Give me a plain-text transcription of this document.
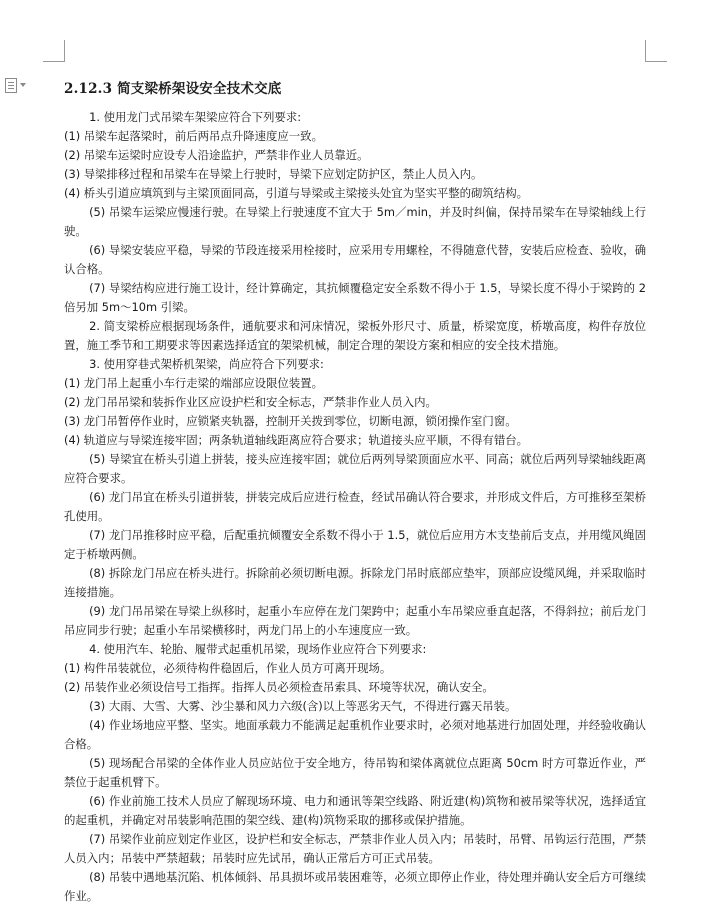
2.12.3 简支梁桥架设安全技术交底

1. 使用龙门式吊梁车架梁应符合下列要求:

(1) 吊梁车起落梁时，前后两吊点升降速度应一致。

(2) 吊梁车运梁时应设专人沿途监护，严禁非作业人员靠近。

(3) 导梁排移过程和吊梁车在导梁上行驶时，导梁下应划定防护区，禁止人员入内。

(4) 桥头引道应填筑到与主梁顶面同高，引道与导梁或主梁接头处宜为坚实平整的砌筑结构。

(5) 吊梁车运梁应慢速行驶。在导梁上行驶速度不宜大于 5m／min，并及时纠偏，保持吊梁车在导梁轴线上行驶。

(6) 导梁安装应平稳，导梁的节段连接采用栓接时，应采用专用螺栓，不得随意代替，安装后应检查、验收，确认合格。

(7) 导梁结构应进行施工设计，经计算确定，其抗倾覆稳定安全系数不得小于 1.5，导梁长度不得小于梁跨的 2 倍另加 5m～10m 引梁。

2. 简支梁桥应根据现场条件，通航要求和河床情况，梁板外形尺寸、质量，桥梁宽度，桥墩高度，构件存放位置，施工季节和工期要求等因素选择适宜的架梁机械，制定合理的架设方案和相应的安全技术措施。

3. 使用穿巷式架桥机架梁，尚应符合下列要求:

(1) 龙门吊上起重小车行走梁的端部应设限位装置。

(2) 龙门吊吊梁和装拆作业区应设护栏和安全标志，严禁非作业人员入内。

(3) 龙门吊暂停作业时，应锁紧夹轨器，控制开关拨到零位，切断电源，锁闭操作室门窗。

(4) 轨道应与导梁连接牢固；两条轨道轴线距离应符合要求；轨道接头应平顺，不得有错台。

(5) 导梁宜在桥头引道上拼装，接头应连接牢固；就位后两列导梁顶面应水平、同高；就位后两列导梁轴线距离应符合要求。

(6) 龙门吊宜在桥头引道拼装，拼装完成后应进行检查，经试吊确认符合要求，并形成文件后，方可推移至架桥孔使用。

(7) 龙门吊推移时应平稳，后配重抗倾覆安全系数不得小于 1.5，就位后应用方木支垫前后支点，并用缆风绳固定于桥墩两侧。

(8) 拆除龙门吊应在桥头进行。拆除前必须切断电源。拆除龙门吊时底部应垫牢，顶部应设缆风绳，并采取临时连接措施。

(9) 龙门吊吊梁在导梁上纵移时，起重小车应停在龙门架跨中；起重小车吊梁应垂直起落，不得斜拉；前后龙门吊应同步行驶；起重小车吊梁横移时，两龙门吊上的小车速度应一致。

4. 使用汽车、轮胎、履带式起重机吊梁，现场作业应符合下列要求:

(1) 构件吊装就位，必须待构件稳固后，作业人员方可离开现场。

(2) 吊装作业必须设信号工指挥。指挥人员必须检查吊索具、环境等状况，确认安全。

(3) 大雨、大雪、大雾、沙尘暴和风力六级(含)以上等恶劣天气，不得进行露天吊装。

(4) 作业场地应平整、坚实。地面承载力不能满足起重机作业要求时，必须对地基进行加固处理，并经验收确认合格。

(5) 现场配合吊梁的全体作业人员应站位于安全地方，待吊钩和梁体离就位点距离 50cm 时方可靠近作业，严禁位于起重机臂下。

(6) 作业前施工技术人员应了解现场环境、电力和通讯等架空线路、附近建(构)筑物和被吊梁等状况，选择适宜的起重机，并确定对吊装影响范围的架空线、建(构)筑物采取的挪移或保护措施。

(7) 吊梁作业前应划定作业区，设护栏和安全标志，严禁非作业人员入内；吊装时，吊臂、吊钩运行范围，严禁人员入内；吊装中严禁超载；吊装时应先试吊，确认正常后方可正式吊装。

(8) 吊装中遇地基沉陷、机体倾斜、吊具损坏或吊装困难等，必须立即停止作业，待处理并确认安全后方可继续作业。
